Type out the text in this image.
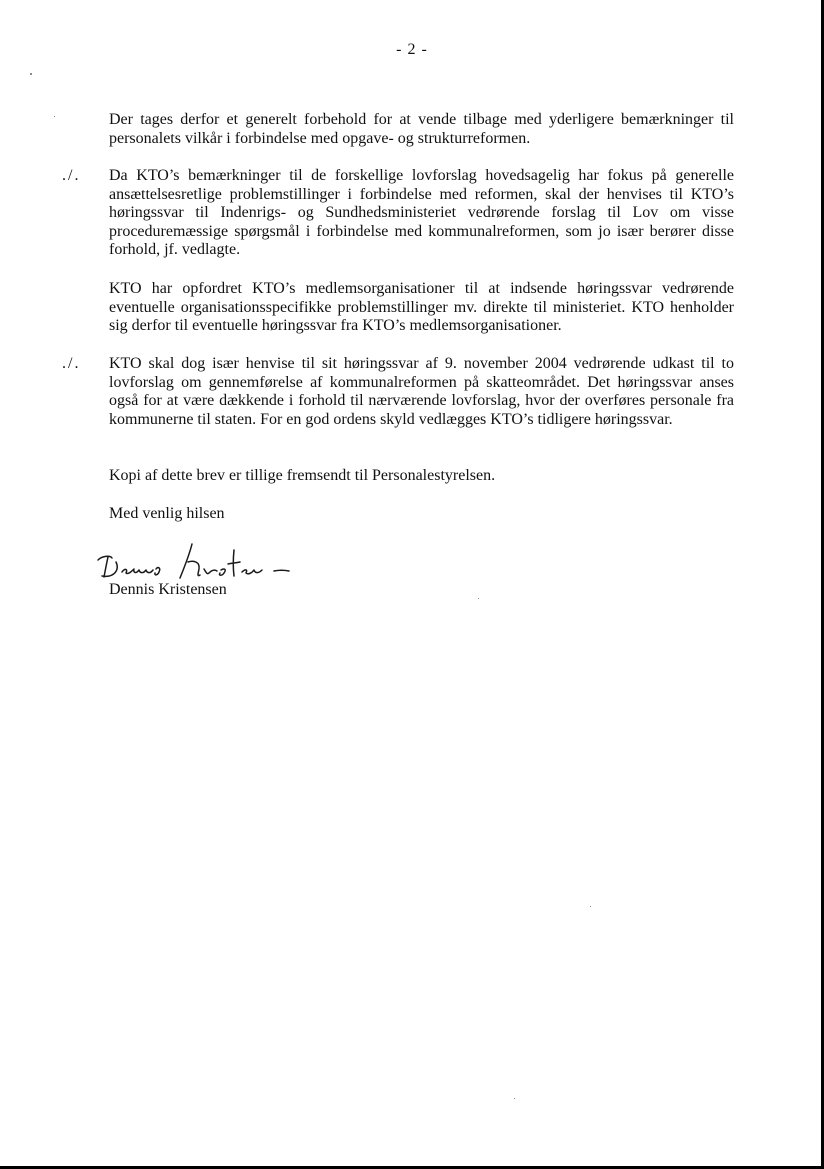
- 2 -
Der tages derfor et generelt forbehold for at vende tilbage med yderligere bemærkninger til personalets vilkår i forbindelse med opgave- og strukturreformen.
./. Da KTO’s bemærkninger til de forskellige lovforslag hovedsagelig har fokus på generelle ansættelsesretlige problemstillinger i forbindelse med reformen, skal der henvises til KTO’s høringssvar til Indenrigs- og Sundhedsministeriet vedrørende forslag til Lov om visse proceduremæssige spørgsmål i forbindelse med kommunalreformen, som jo især berører disse forhold, jf. vedlagte.
KTO har opfordret KTO’s medlemsorganisationer til at indsende høringssvar vedrørende eventuelle organisationsspecifikke problemstillinger mv. direkte til ministeriet. KTO henholder sig derfor til eventuelle høringssvar fra KTO’s medlemsorganisationer.
./. KTO skal dog især henvise til sit høringssvar af 9. november 2004 vedrørende udkast til to lovforslag om gennemførelse af kommunalreformen på skatteområdet. Det høringssvar anses også for at være dækkende i forhold til nærværende lovforslag, hvor der overføres personale fra kommunerne til staten. For en god ordens skyld vedlægges KTO’s tidligere høringssvar.
Kopi af dette brev er tillige fremsendt til Personalestyrelsen.
Med venlig hilsen
Dennis Kristensen
